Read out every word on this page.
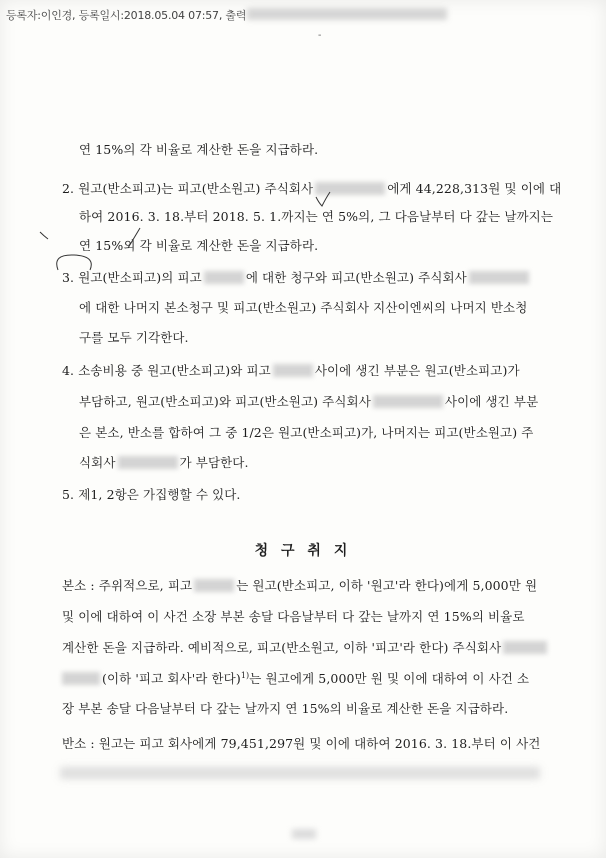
등록자:이인경, 등록일시:2018.05.04 07:57, 출력
-
연 15%의 각 비율로 계산한 돈을 지급하라.
2. 원고(반소피고)는 피고(반소원고) 주식회사	에게 44,228,313원 및 이에 대
하여 2016. 3. 18.부터 2018. 5. 1.까지는 연 5%의, 그 다음날부터 다 갚는 날까지는
연 15%의 각 비율로 계산한 돈을 지급하라.
3. 원고(반소피고)의 피고	에 대한 청구와 피고(반소원고) 주식회사
에 대한 나머지 본소청구 및 피고(반소원고) 주식회사 지산이엔씨의 나머지 반소청
구를 모두 기각한다.
4. 소송비용 중 원고(반소피고)와 피고	사이에 생긴 부분은 원고(반소피고)가
부담하고, 원고(반소피고)와 피고(반소원고) 주식회사	사이에 생긴 부분
은 본소, 반소를 합하여 그 중 1/2은 원고(반소피고)가, 나머지는 피고(반소원고) 주
식회사	가 부담한다.
5. 제1, 2항은 가집행할 수 있다.
청 구 취 지
본소 : 주위적으로, 피고	는 원고(반소피고, 이하 '원고'라 한다)에게 5,000만 원
및 이에 대하여 이 사건 소장 부본 송달 다음날부터 다 갚는 날까지 연 15%의 비율로
계산한 돈을 지급하라. 예비적으로, 피고(반소원고, 이하 '피고'라 한다) 주식회사
(이하 '피고 회사'라 한다)$^{1)}$는 원고에게 5,000만 원 및 이에 대하여 이 사건 소
장 부본 송달 다음날부터 다 갚는 날까지 연 15%의 비율로 계산한 돈을 지급하라.
반소 : 원고는 피고 회사에게 79,451,297원 및 이에 대하여 2016. 3. 18.부터 이 사건
